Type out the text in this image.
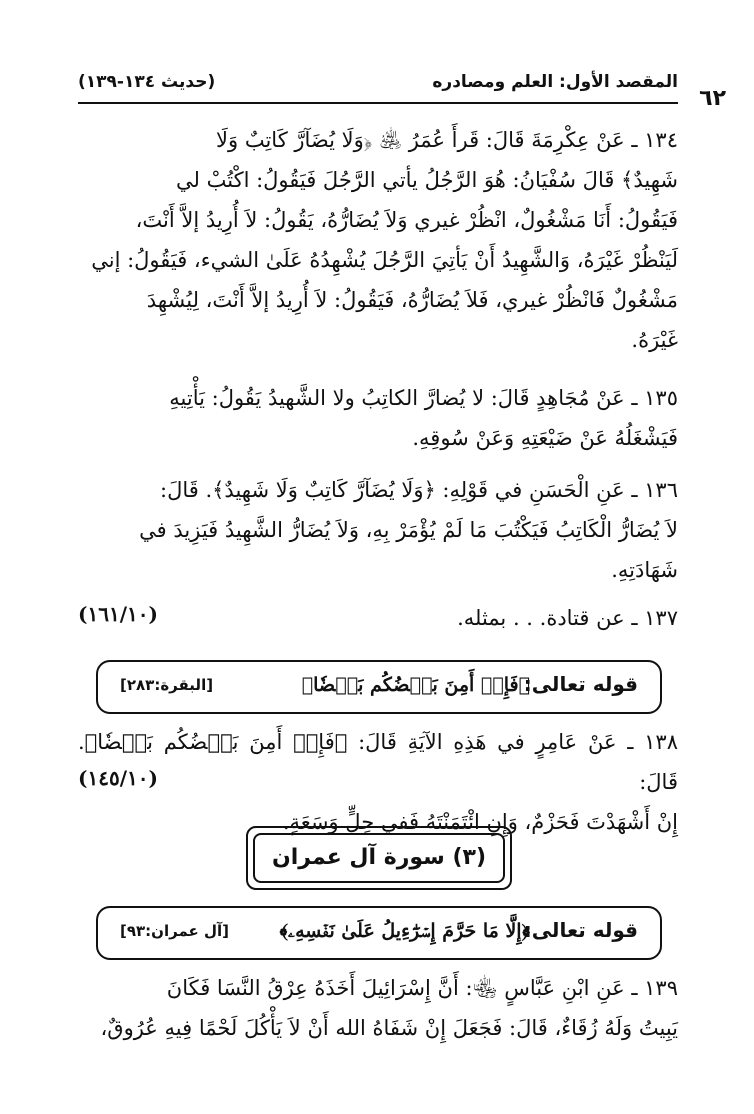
المقصد الأول: العلم ومصادره
(حديث ١٣٤-١٣٩)
٦٢
١٣٤ ـ عَنْ عِكْرِمَةَ قَالَ: قَرأَ عُمَرُ ﵁ ﴿وَلَا يُضَآرَّ كَاتِبٌ وَلَا
شَهِيدٌ﴾ قَالَ سُفْيَانُ: هُوَ الرَّجُلُ يأتي الرَّجُلَ فَيَقُولُ: اكْتُبْ لي
فَيَقُولُ: أَنَا مَشْغُولٌ، انْظُرْ غيري وَلاَ يُضَارُّهُ، يَقُولُ: لاَ أُرِيدُ إلاَّ أَنْتَ،
لَيَنْظُرْ غَيْرَهُ، وَالشَّهِيدُ أَنْ يَأتِيَ الرَّجُلَ يُشْهِدُهُ عَلَىٰ الشيء، فَيَقُولُ: إني
مَشْغُولٌ فَانْظُرْ غيري، فَلاَ يُضَارُّهُ، فَيَقُولُ: لاَ أُرِيدُ إلاَّ أَنْتَ، لِيُشْهِدَ
غَيْرَهُ.
١٣٥ ـ عَنْ مُجَاهِدٍ قَالَ: لا يُضارَّ الكاتِبُ ولا الشَّهيدُ يَقُولُ: يَأْتِيهِ
فَيَشْغَلُهُ عَنْ ضَيْعَتِهِ وَعَنْ سُوقِهِ.
١٣٦ ـ عَنِ الْحَسَنِ في قَوْلِهِ: ﴿وَلَا يُضَآرَّ كَاتِبٌ وَلَا شَهِيدٌ﴾. قَالَ:
لاَ يُضَارُّ الْكَاتِبُ فَيَكْتُبَ مَا لَمْ يُؤْمَرْ بِهِ، وَلاَ يُضَارُّ الشَّهِيدُ فَيَزِيدَ في
شَهَادَتِهِ.
١٣٧ ـ عن قتادة. . . بمثله.
(١٦١/١٠)
قوله تعالى:
﴿فَإِنۡ أَمِنَ بَعۡضُكُم بَعۡضٗا﴾
[البقرة:٢٨٣]
١٣٨ ـ عَنْ عَامِرٍ في هَذِهِ الآيَةِ قَالَ: ﴿فَإِنۡ أَمِنَ بَعۡضُكُم بَعۡضٗا﴾. قَالَ:
إِنْ أَشْهَدْتَ فَحَزْمٌ، وَإِنِ ائْتَمَنْتَهُ فَفي حِلٍّ وَسَعَةٍ.
(١٤٥/١٠)
(٣) سورة آل عمران
قوله تعالى:
﴿إِلَّا مَا حَرَّمَ إِسۡرَٰٓءِيلُ عَلَىٰ نَفۡسِهِۦ﴾
[آل عمران:٩٣]
١٣٩ ـ عَنِ ابْنِ عَبَّاسٍ ﵄: أَنَّ إِسْرَائِيلَ أَخَذَهُ عِرْقُ النَّسَا فَكَانَ
يَبِيتُ وَلَهُ زُقَاءٌ، قَالَ: فَجَعَلَ إِنْ شَفَاهُ الله أَنْ لاَ يَأْكُلَ لَحْمًا فِيهِ عُرُوقٌ،
